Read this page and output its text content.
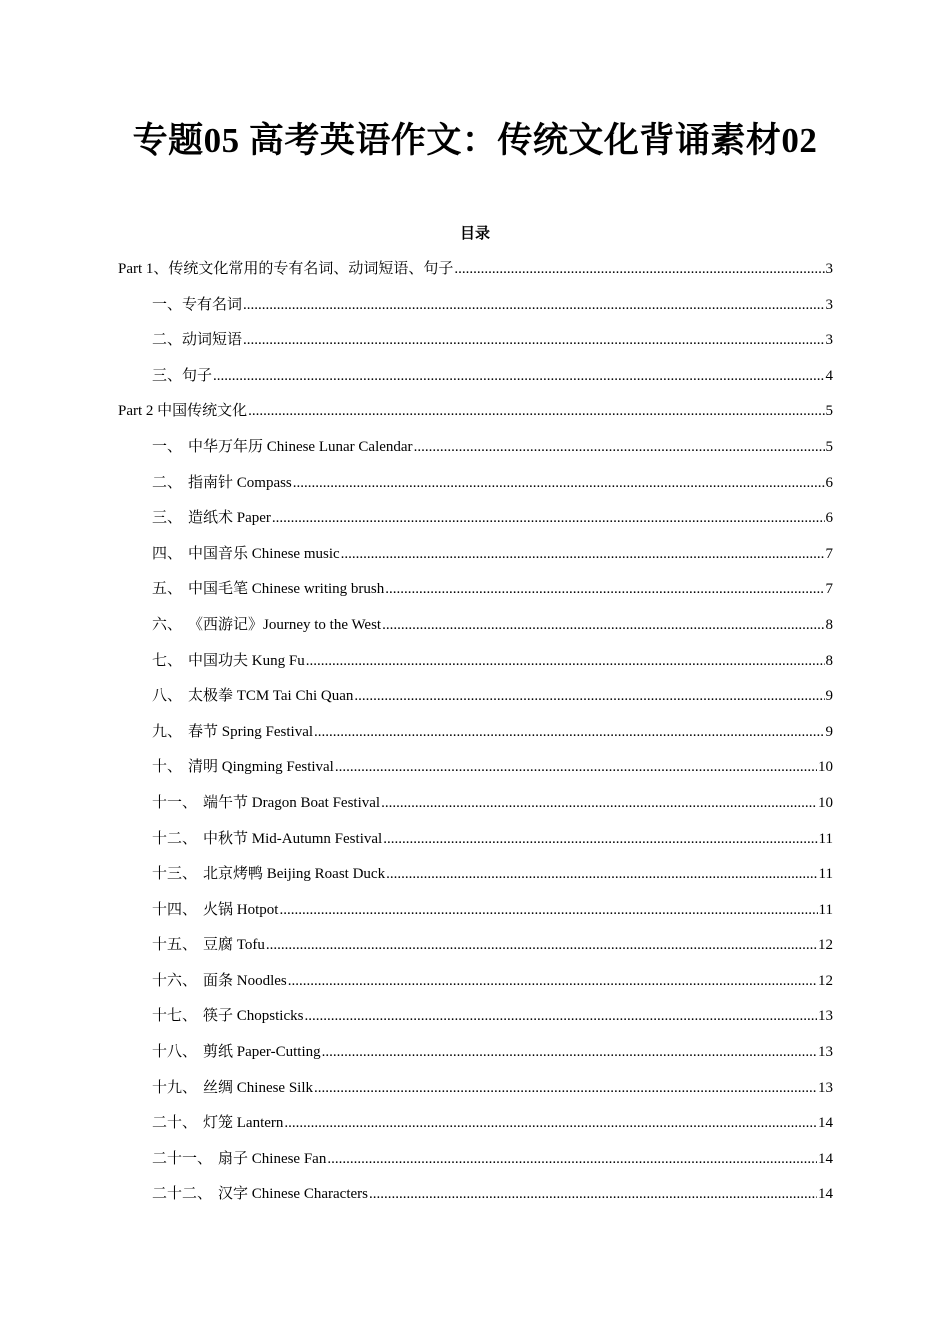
专题05 高考英语作文：传统文化背诵素材02
目录
Part 1、传统文化常用的专有名词、动词短语、句子 .....	3
一、专有名词 .....	3
二、动词短语 .....	3
三、句子 .....	4
Part 2 中国传统文化 .....	5
一、 中华万年历 Chinese Lunar Calendar .....	5
二、 指南针 Compass .....	6
三、 造纸术 Paper .....	6
四、 中国音乐 Chinese music .....	7
五、 中国毛笔 Chinese writing brush .....	7
六、 《西游记》Journey to the West .....	8
七、 中国功夫 Kung Fu .....	8
八、 太极拳 TCM Tai Chi Quan .....	9
九、 春节 Spring Festival .....	9
十、 清明 Qingming Festival .....	10
十一、 端午节 Dragon Boat Festival .....	10
十二、 中秋节 Mid-Autumn Festival .....	11
十三、 北京烤鸭 Beijing Roast Duck .....	11
十四、 火锅 Hotpot .....	11
十五、 豆腐 Tofu .....	12
十六、 面条 Noodles .....	12
十七、 筷子 Chopsticks .....	13
十八、 剪纸 Paper-Cutting .....	13
十九、 丝绸 Chinese Silk .....	13
二十、 灯笼 Lantern .....	14
二十一、 扇子 Chinese Fan .....	14
二十二、 汉字 Chinese Characters .....	14
